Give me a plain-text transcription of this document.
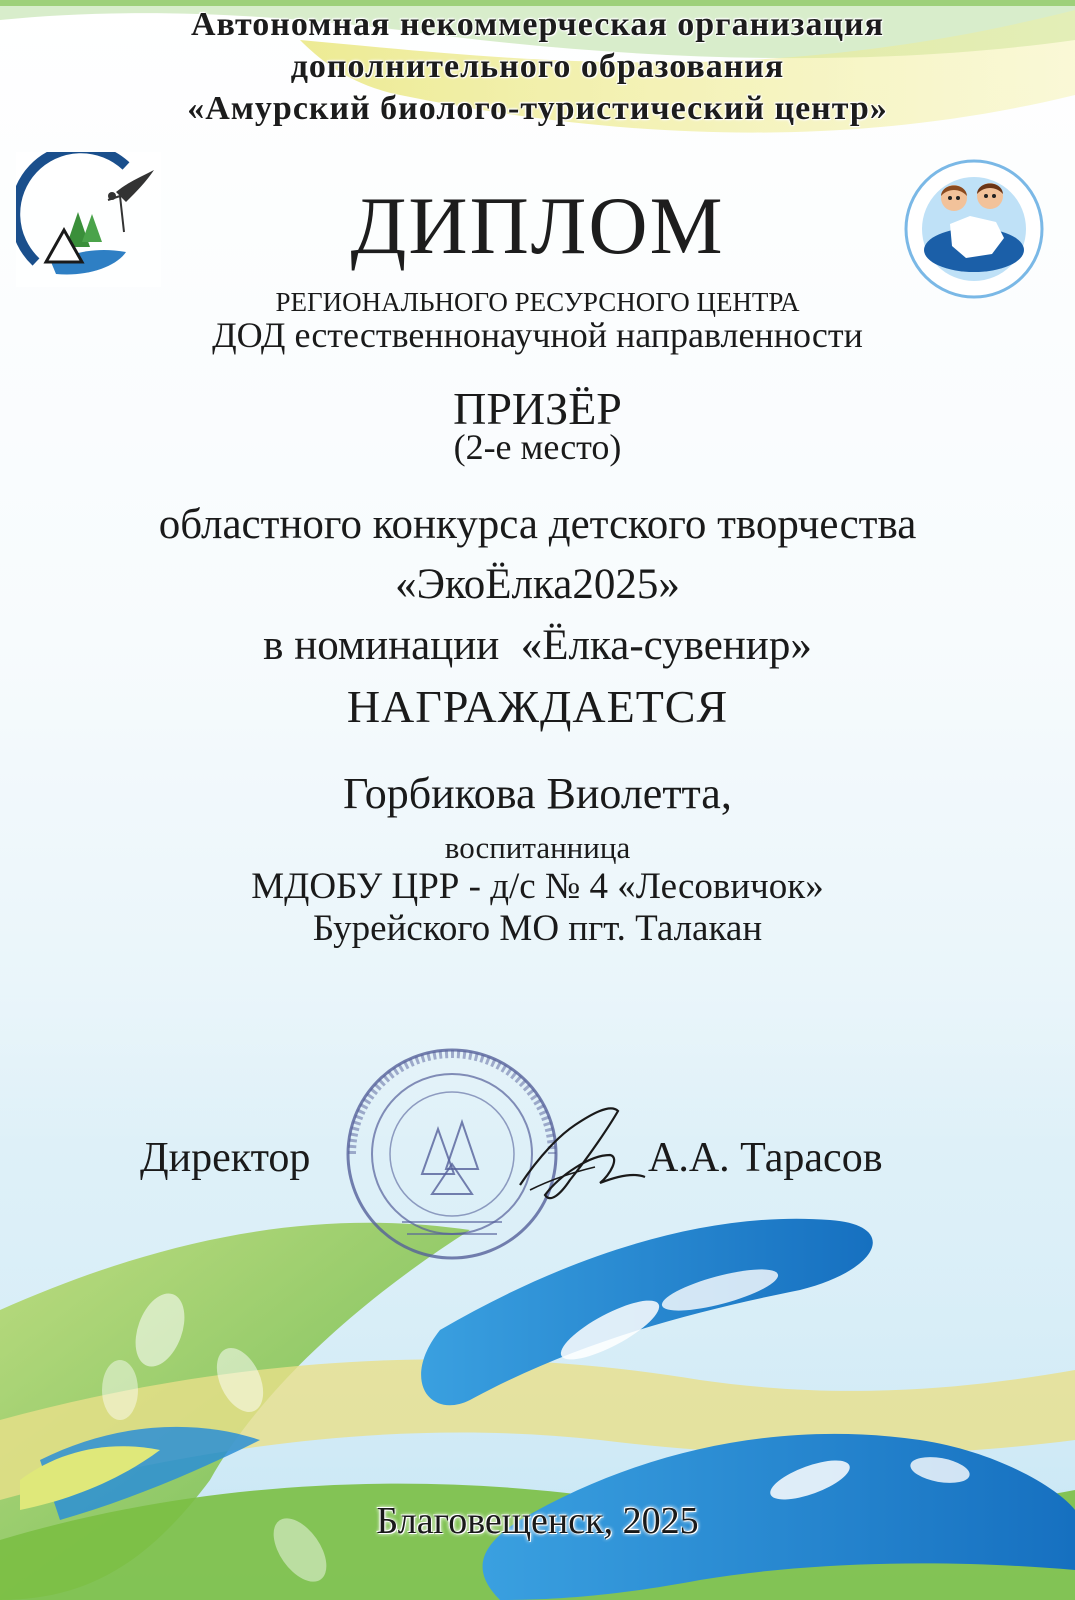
Автономная некоммерческая организация
дополнительного образования
«Амурский биолого-туристический центр»
ДИПЛОМ
РЕГИОНАЛЬНОГО РЕСУРСНОГО ЦЕНТРА
ДОД естественнонаучной направленности
ПРИЗЁР
(2-е место)
областного конкурса детского творчества
«ЭкоЁлка2025»
в номинации  «Ёлка-сувенир»
НАГРАЖДАЕТСЯ
Горбикова Виолетта,
воспитанница
МДОБУ ЦРР - д/с № 4 «Лесовичок»
Бурейского МО пгт. Талакан
Директор	А.А. Тарасов
Благовещенск, 2025
